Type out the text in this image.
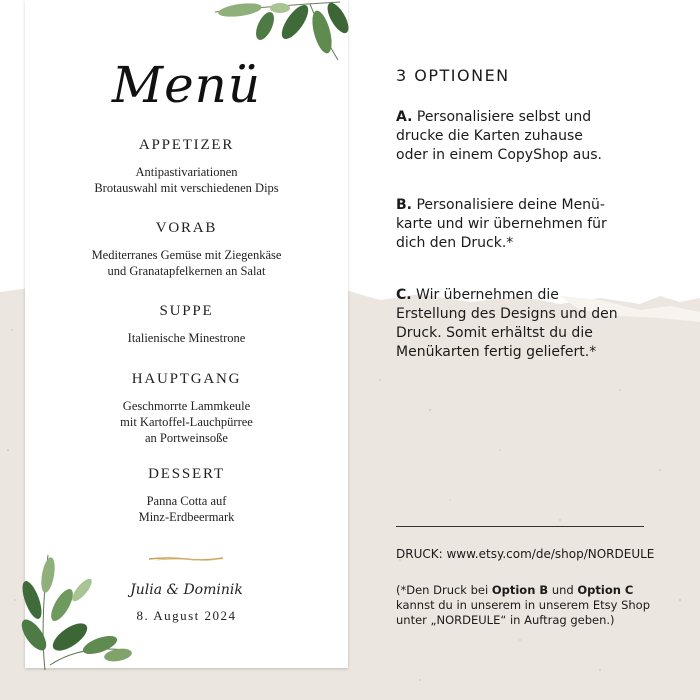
Menü
APPETIZER
Antipastivariationen
Brotauswahl mit verschiedenen Dips
VORAB
Mediterranes Gemüse mit Ziegenkäse
und Granatapfelkernen an Salat
SUPPE
Italienische Minestrone
HAUPTGANG
Geschmorrte Lammkeule
mit Kartoffel-Lauchpürree
an Portweinsoße
DESSERT
Panna Cotta auf
Minz-Erdbeermark
Julia & Dominik
8. August 2024
3 OPTIONEN
A. Personalisiere selbst und
drucke die Karten zuhause
oder in einem CopyShop aus.
B. Personalisiere deine Menü-
karte und wir übernehmen für
dich den Druck.*
C. Wir übernehmen die
Erstellung des Designs und den
Druck. Somit erhältst du die
Menükarten fertig geliefert.*
DRUCK: www.etsy.com/de/shop/NORDEULE
(*Den Druck bei Option B und Option C
kannst du in unserem in unserem Etsy Shop
unter „NORDEULE“ in Auftrag geben.)
